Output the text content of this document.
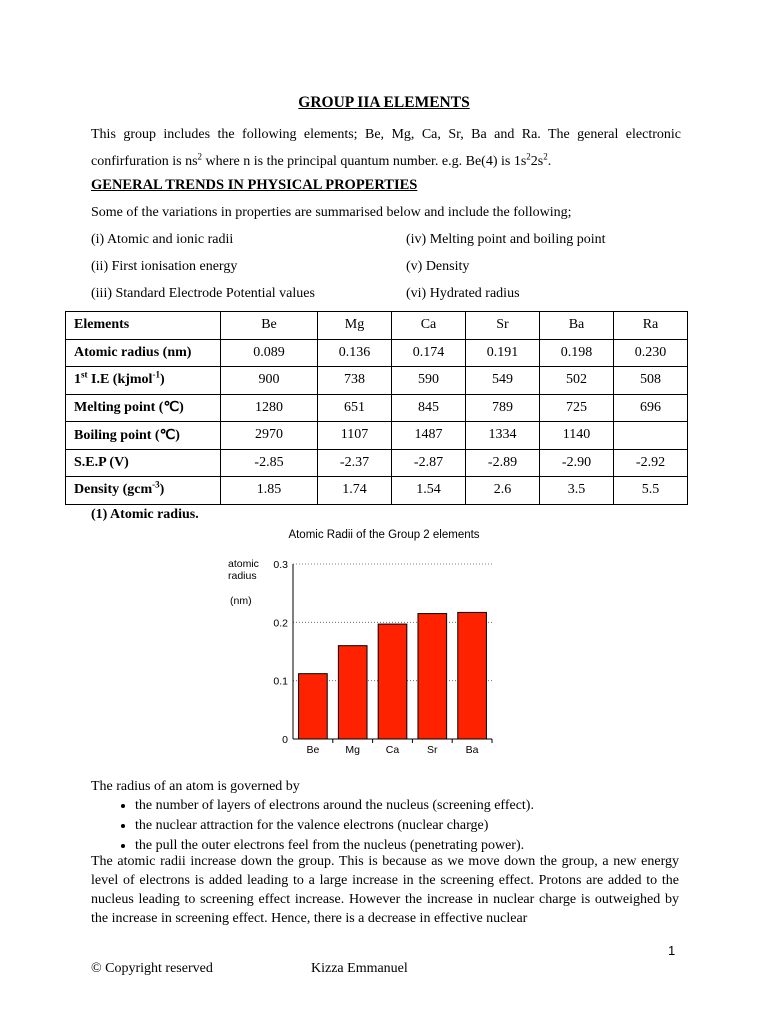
GROUP IIA ELEMENTS
This group includes the following elements; Be, Mg, Ca, Sr, Ba and Ra. The general electronic confirfuration is $ns^2$ where n is the principal quantum number. e.g. Be(4) is $1s^22s^2$.
GENERAL TRENDS IN PHYSICAL PROPERTIES
Some of the variations in properties are summarised below and include the following;
(i) Atomic and ionic radii
(ii) First ionisation energy
(iii) Standard Electrode Potential values
(iv) Melting point and boiling point
(v) Density
(vi) Hydrated radius
Elements	Be	Mg	Ca	Sr	Ba	Ra
Atomic radius (nm)	0.089	0.136	0.174	0.191	0.198	0.230
1st I.E (kjmol$^{-1}$)	900	738	590	549	502	508
Melting point (℃)	1280	651	845	789	725	696
Boiling point (℃)	2970	1107	1487	1334	1140	
S.E.P (V)	-2.85	-2.37	-2.87	-2.89	-2.90	-2.92
Density (gcm$^{-3}$)	1.85	1.74	1.54	2.6	3.5	5.5
(1) Atomic radius.
Atomic Radii of the Group 2 elements
atomic
radius
(nm)
0
0.1
0.2
0.3
Be Mg Ca	Sr	Ba
The radius of an atom is governed by
• the number of layers of electrons around the nucleus (screening effect).
• the nuclear attraction for the valence electrons (nuclear charge)
• the pull the outer electrons feel from the nucleus (penetrating power).
The atomic radii increase down the group. This is because as we move down the group, a new energy level of electrons is added leading to a large increase in the screening effect. Protons are added to the nucleus leading to screening effect increase. However the increase in nuclear charge is outweighed by the increase in screening effect. Hence, there is a decrease in effective nuclear
1
© Copyright reserved	Kizza Emmanuel
